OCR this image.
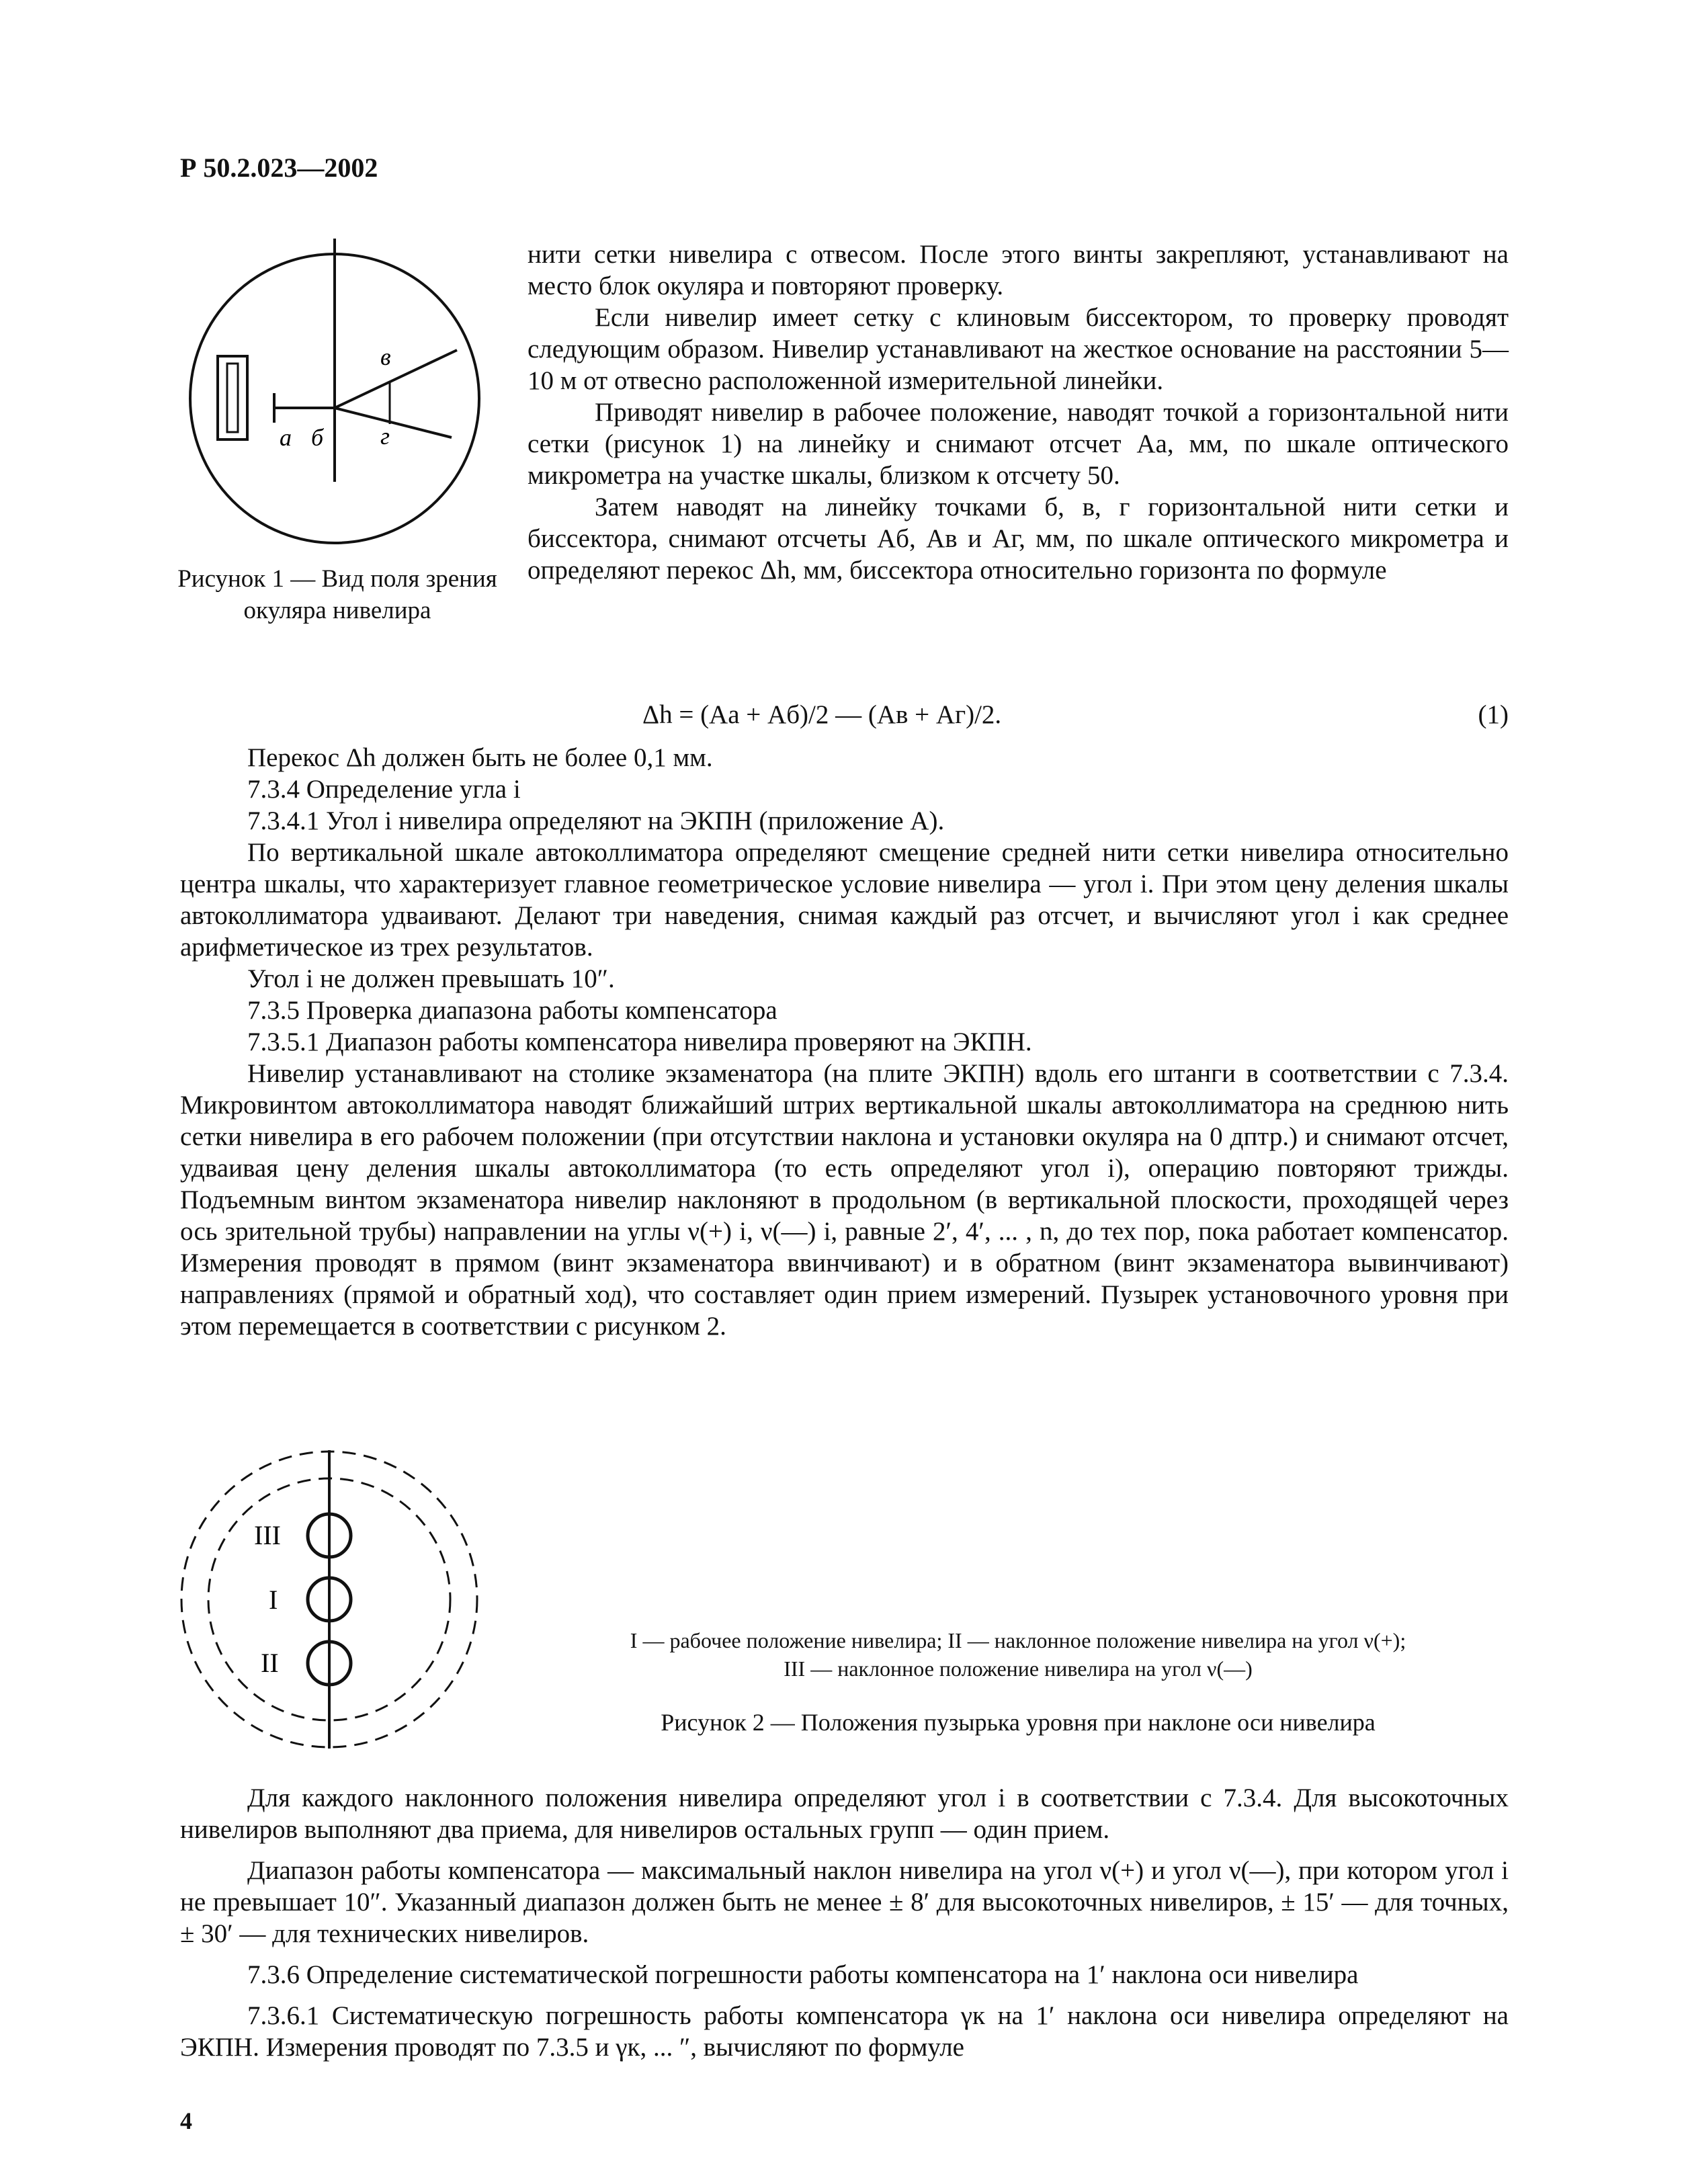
Р 50.2.023—2002
а б
в
г
Рисунок 1 — Вид поля зрения окуляра нивелира

нити сетки нивелира с отвесом. После этого винты закрепляют, устанавливают на место блок окуляра и повторяют проверку.

Если нивелир имеет сетку с клиновым биссектором, то проверку проводят следующим образом. Нивелир устанавливают на жесткое основание на расстоянии 5—10 м от отвесно расположенной измерительной линейки.

Приводят нивелир в рабочее положение, наводят точкой а горизонтальной нити сетки (рисунок 1) на линейку и снимают отсчет Aа, мм, по шкале оптического микрометра на участке шкалы, близком к отсчету 50.

Затем наводят на линейку точками б, в, г горизонтальной нити сетки и биссектора, снимают отсчеты Aб, Aв и Aг, мм, по шкале оптического микрометра и определяют перекос Δh, мм, биссектора относительно горизонта по формуле

Δh = (Aа + Aб)/2 — (Aв + Aг)/2.	(1)
Перекос Δh должен быть не более 0,1 мм.
7.3.4 Определение угла i
7.3.4.1 Угол i нивелира определяют на ЭКПН (приложение А).

По вертикальной шкале автоколлиматора определяют смещение средней нити сетки нивелира относительно центра шкалы, что характеризует главное геометрическое условие нивелира — угол i. При этом цену деления шкалы автоколлиматора удваивают. Делают три наведения, снимая каждый раз отсчет, и вычисляют угол i как среднее арифметическое из трех результатов.

Угол i не должен превышать 10″.
7.3.5 Проверка диапазона работы компенсатора
7.3.5.1 Диапазон работы компенсатора нивелира проверяют на ЭКПН.

Нивелир устанавливают на столике экзаменатора (на плите ЭКПН) вдоль его штанги в соответствии с 7.3.4. Микровинтом автоколлиматора наводят ближайший штрих вертикальной шкалы автоколлиматора на среднюю нить сетки нивелира в его рабочем положении (при отсутствии наклона и установки окуляра на 0 дптр.) и снимают отсчет, удваивая цену деления шкалы автоколлиматора (то есть определяют угол i), операцию повторяют трижды. Подъемным винтом экзаменатора нивелир наклоняют в продольном (в вертикальной плоскости, проходящей через ось зрительной трубы) направлении на углы ν(+) i, ν(—) i, равные 2′, 4′, ... , n, до тех пор, пока работает компенсатор. Измерения проводят в прямом (винт экзаменатора ввинчивают) и в обратном (винт экзаменатора вывинчивают) направлениях (прямой и обратный ход), что составляет один прием измерений. Пузырек установочного уровня при этом перемещается в соответствии с рисунком 2.

III
I
II
I — рабочее положение нивелира; II — наклонное положение нивелира на угол ν(+);
III — наклонное положение нивелира на угол ν(—)
Рисунок 2 — Положения пузырька уровня при наклоне оси нивелира

Для каждого наклонного положения нивелира определяют угол i в соответствии с 7.3.4. Для высокоточных нивелиров выполняют два приема, для нивелиров остальных групп — один прием.

Диапазон работы компенсатора — максимальный наклон нивелира на угол ν(+) и угол ν(—), при котором угол i не превышает 10″. Указанный диапазон должен быть не менее ± 8′ для высокоточных нивелиров, ± 15′ — для точных, ± 30′ — для технических нивелиров.

7.3.6 Определение систематической погрешности работы компенсатора на 1′ наклона оси нивелира

7.3.6.1 Систематическую погрешность работы компенсатора γк на 1′ наклона оси нивелира определяют на ЭКПН. Измерения проводят по 7.3.5 и γк, ... ″, вычисляют по формуле

4
